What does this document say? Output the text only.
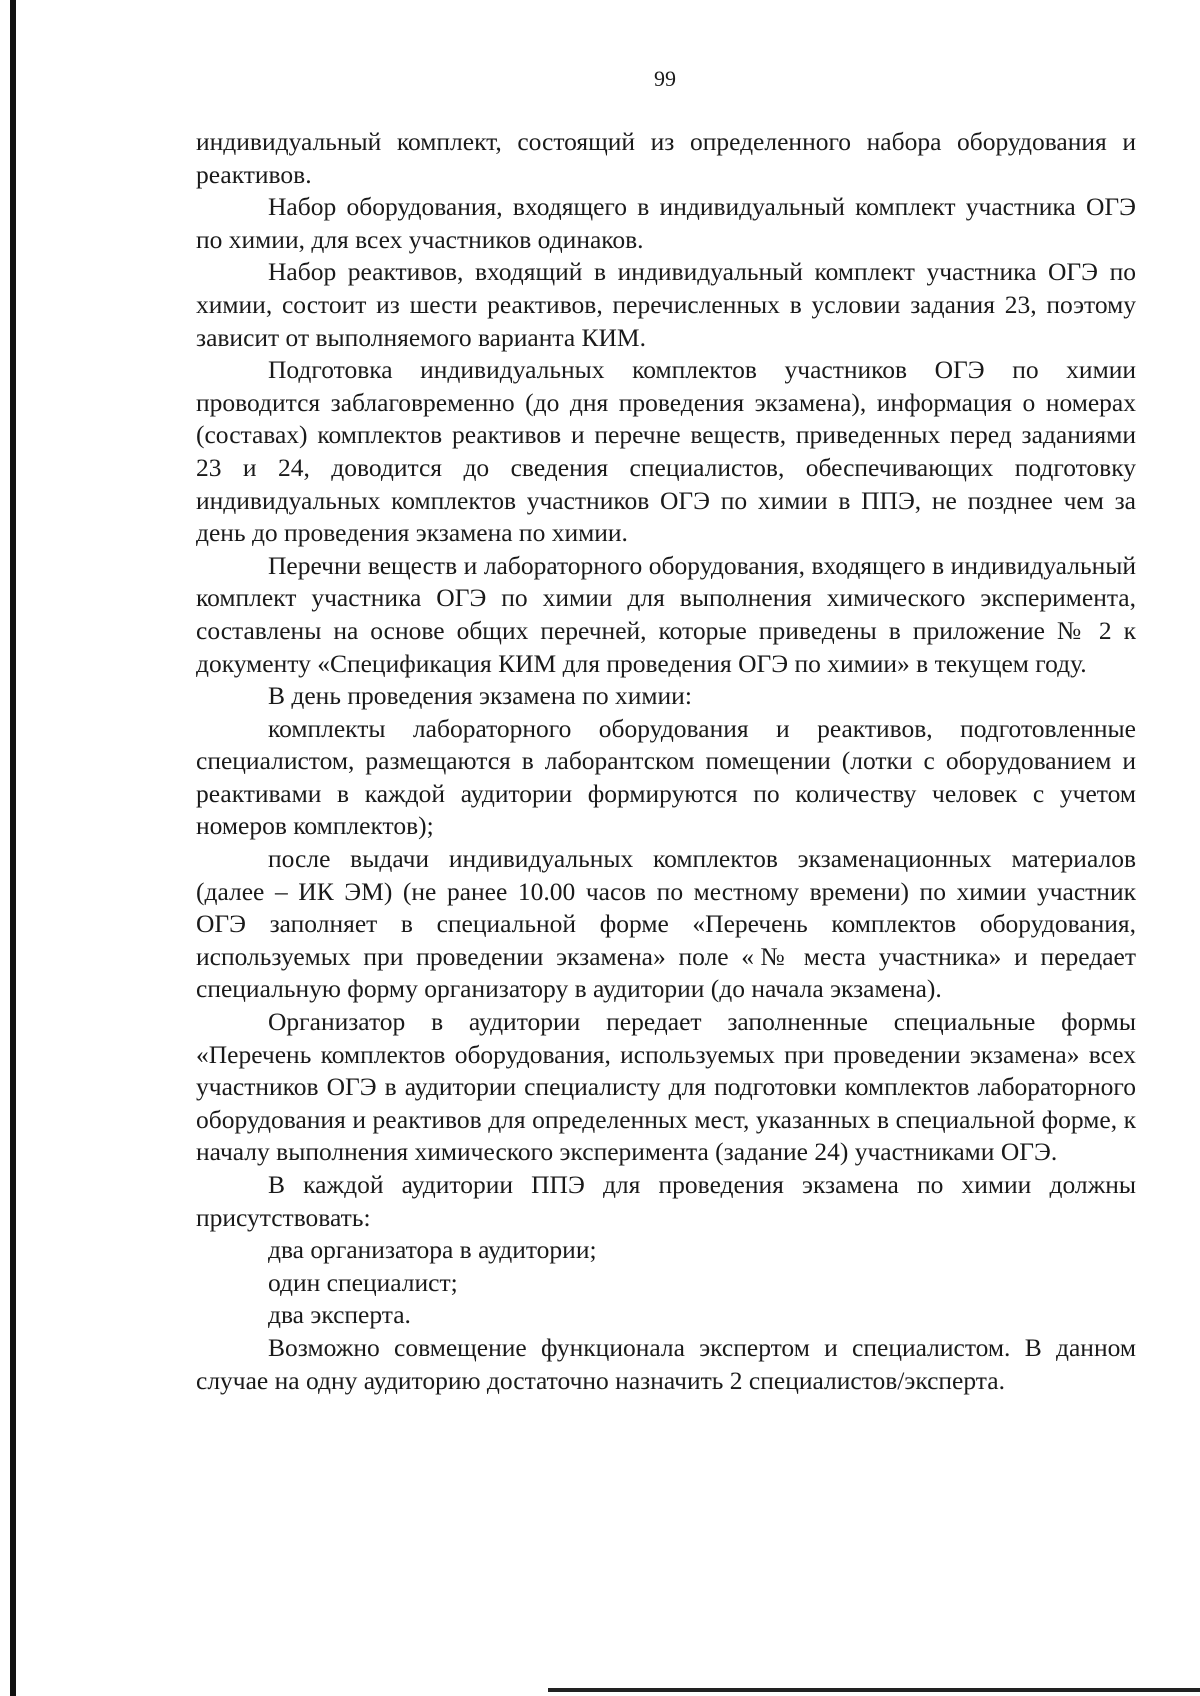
99

индивидуальный комплект, состоящий из определенного набора оборудования и реактивов.

Набор оборудования, входящего в индивидуальный комплект участника ОГЭ по химии, для всех участников одинаков.

Набор реактивов, входящий в индивидуальный комплект участника ОГЭ по химии, состоит из шести реактивов, перечисленных в условии задания 23, поэтому зависит от выполняемого варианта КИМ.

Подготовка индивидуальных комплектов участников ОГЭ по химии проводится заблаговременно (до дня проведения экзамена), информация о номерах (составах) комплектов реактивов и перечне веществ, приведенных перед заданиями 23 и 24, доводится до сведения специалистов, обеспечивающих подготовку индивидуальных комплектов участников ОГЭ по химии в ППЭ, не позднее чем за день до проведения экзамена по химии.

Перечни веществ и лабораторного оборудования, входящего в индивидуальный комплект участника ОГЭ по химии для выполнения химического эксперимента, составлены на основе общих перечней, которые приведены в приложение № 2 к документу «Спецификация КИМ для проведения ОГЭ по химии» в текущем году.

В день проведения экзамена по химии:

комплекты лабораторного оборудования и реактивов, подготовленные специалистом, размещаются в лаборантском помещении (лотки с оборудованием и реактивами в каждой аудитории формируются по количеству человек с учетом номеров комплектов);

после выдачи индивидуальных комплектов экзаменационных материалов (далее – ИК ЭМ) (не ранее 10.00 часов по местному времени) по химии участник ОГЭ заполняет в специальной форме «Перечень комплектов оборудования, используемых при проведении экзамена» поле «№ места участника» и передает специальную форму организатору в аудитории (до начала экзамена).

Организатор в аудитории передает заполненные специальные формы «Перечень комплектов оборудования, используемых при проведении экзамена» всех участников ОГЭ в аудитории специалисту для подготовки комплектов лабораторного оборудования и реактивов для определенных мест, указанных в специальной форме, к началу выполнения химического эксперимента (задание 24) участниками ОГЭ.

В каждой аудитории ППЭ для проведения экзамена по химии должны присутствовать:

два организатора в аудитории;

один специалист;

два эксперта.

Возможно совмещение функционала экспертом и специалистом. В данном случае на одну аудиторию достаточно назначить 2 специалистов/эксперта.
